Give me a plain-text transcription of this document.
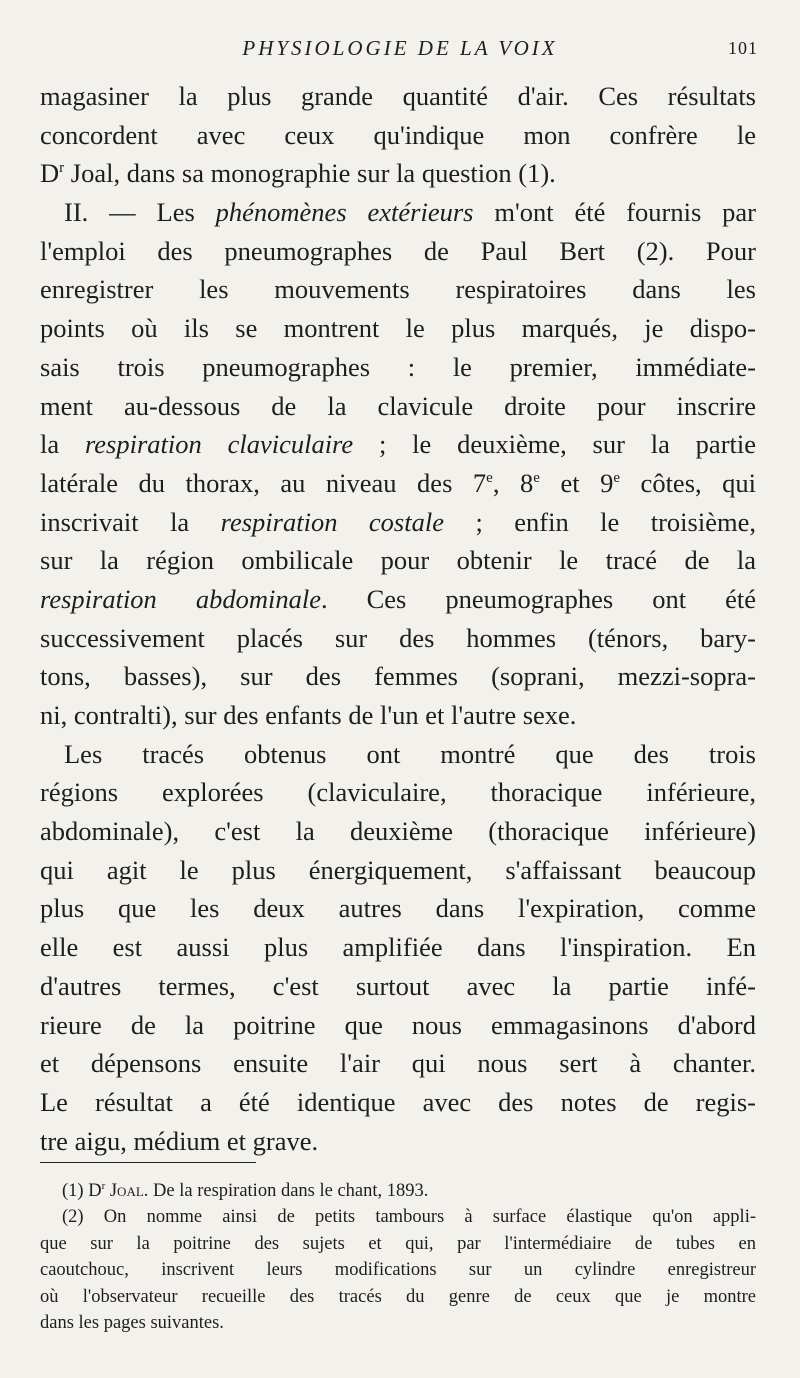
PHYSIOLOGIE DE LA VOIX	101
magasiner la plus grande quantité d'air. Ces résultats
concordent avec ceux qu'indique mon confrère le
$D^r$ Joal, dans sa monographie sur la question (1).
II. — Les phénomènes extérieurs m'ont été fournis par
l'emploi des pneumographes de Paul Bert (2). Pour
enregistrer les mouvements respiratoires dans les
points où ils se montrent le plus marqués, je dispo-
sais trois pneumographes : le premier, immédiate-
ment au-dessous de la clavicule droite pour inscrire
la respiration claviculaire ; le deuxième, sur la partie
latérale du thorax, au niveau des 7e, 8e et 9e côtes, qui
inscrivait la respiration costale ; enfin le troisième,
sur la région ombilicale pour obtenir le tracé de la
respiration abdominale. Ces pneumographes ont été
successivement placés sur des hommes (ténors, bary-
tons, basses), sur des femmes (soprani, mezzi-sopra-
ni, contralti), sur des enfants de l'un et l'autre sexe.
Les tracés obtenus ont montré que des trois
régions explorées (claviculaire, thoracique inférieure,
abdominale), c'est la deuxième (thoracique inférieure)
qui agit le plus énergiquement, s'affaissant beaucoup
plus que les deux autres dans l'expiration, comme
elle est aussi plus amplifiée dans l'inspiration. En
d'autres termes, c'est surtout avec la partie infé-
rieure de la poitrine que nous emmagasinons d'abord
et dépensons ensuite l'air qui nous sert à chanter.
Le résultat a été identique avec des notes de regis-
tre aigu, médium et grave.
(1) $D^r$ Joal. De la respiration dans le chant, 1893.
(2) On nomme ainsi de petits tambours à surface élastique qu'on appli-
que sur la poitrine des sujets et qui, par l'intermédiaire de tubes en
caoutchouc, inscrivent leurs modifications sur un cylindre enregistreur
où l'observateur recueille des tracés du genre de ceux que je montre
dans les pages suivantes.
